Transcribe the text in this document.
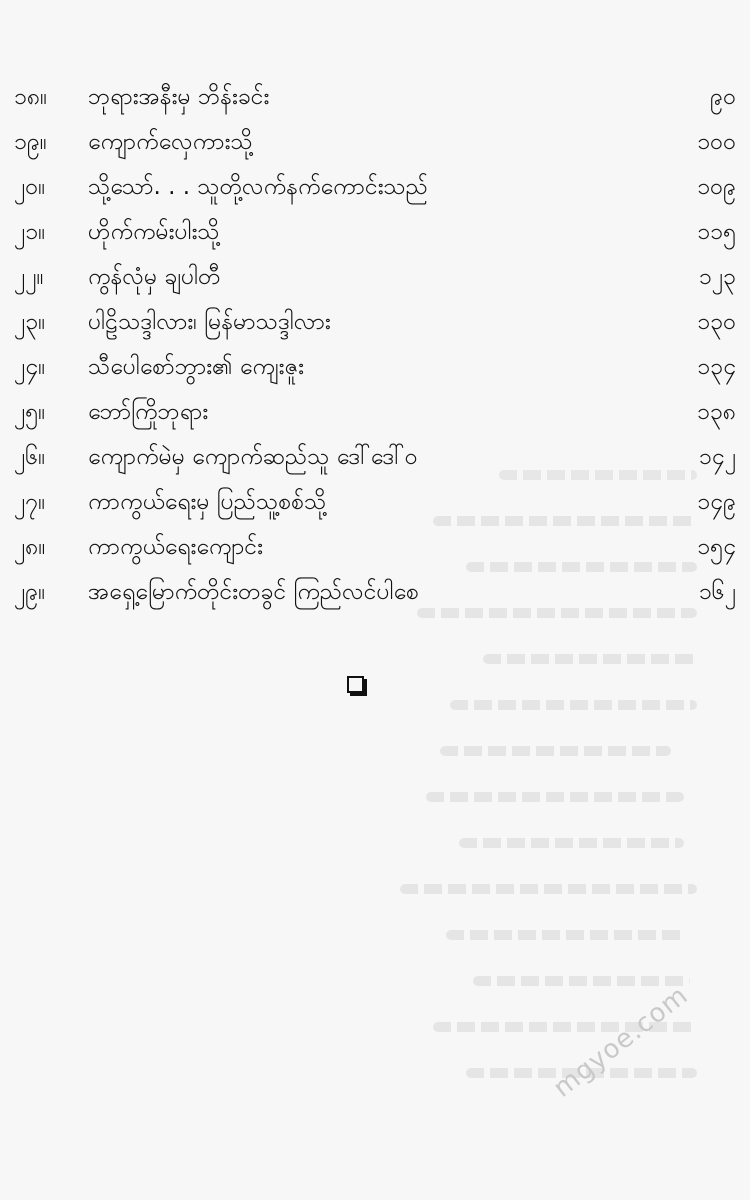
၁၈။ ဘုရားအနီးမှ ဘိန်းခင်း	၉၀
၁၉။ ကျောက်လှေကားသို့	၁၀၀
၂၀။ သို့သော်. . . သူတို့လက်နက်ကောင်းသည်	၁၀၉
၂၁။ ဟိုက်ကမ်းပါးသို့	၁၁၅
၂၂။ ကွန်လုံမှ ချပါတီ	၁၂၃
၂၃။ ပါဠိသဒ္ဒါလား၊ မြန်မာသဒ္ဒါလား	၁၃၀
၂၄။ သီပေါစော်ဘွား၏ ကျေးဇူး	၁၃၄
၂၅။ ဘော်ကြိုဘုရား	၁၃၈
၂၆။ ကျောက်မဲမှ ကျောက်ဆည်သူ ဒေါ်ဒေါ်ဝ	၁၄၂
၂၇။ ကာကွယ်ရေးမှ ပြည်သူ့စစ်သို့	၁၄၉
၂၈။ ကာကွယ်ရေးကျောင်း	၁၅၄
၂၉။ အရှေ့မြောက်တိုင်းတခွင် ကြည်လင်ပါစေ	၁၆၂
mgyoe.com
